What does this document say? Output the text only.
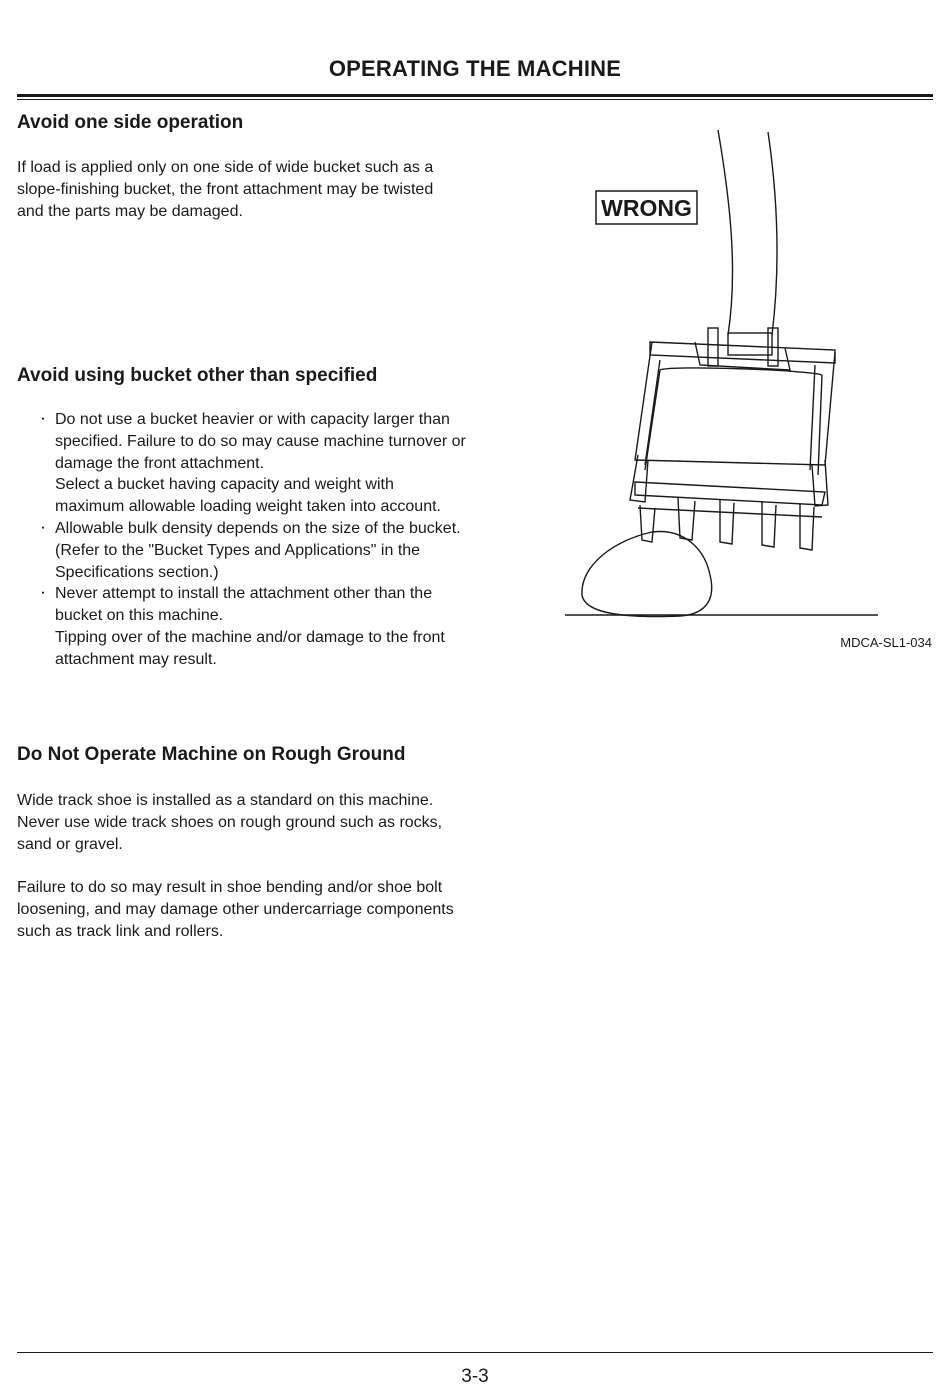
OPERATING THE MACHINE
Avoid one side operation

If load is applied only on one side of wide bucket such as a
slope-finishing bucket, the front attachment may be twisted
and the parts may be damaged.

Avoid using bucket other than specified
・ Do not use a bucket heavier or with capacity larger than
specified. Failure to do so may cause machine turnover or
damage the front attachment.
Select a bucket having capacity and weight with
maximum allowable loading weight taken into account.
・ Allowable bulk density depends on the size of the bucket.
(Refer to the "Bucket Types and Applications" in the
Specifications section.)
・ Never attempt to install the attachment other than the
bucket on this machine.
Tipping over of the machine and/or damage to the front
attachment may result.
Do Not Operate Machine on Rough Ground

Wide track shoe is installed as a standard on this machine.
Never use wide track shoes on rough ground such as rocks,
sand or gravel.

Failure to do so may result in shoe bending and/or shoe bolt
loosening, and may damage other undercarriage components
such as track link and rollers.

WRONG
MDCA-SL1-034
3-3
